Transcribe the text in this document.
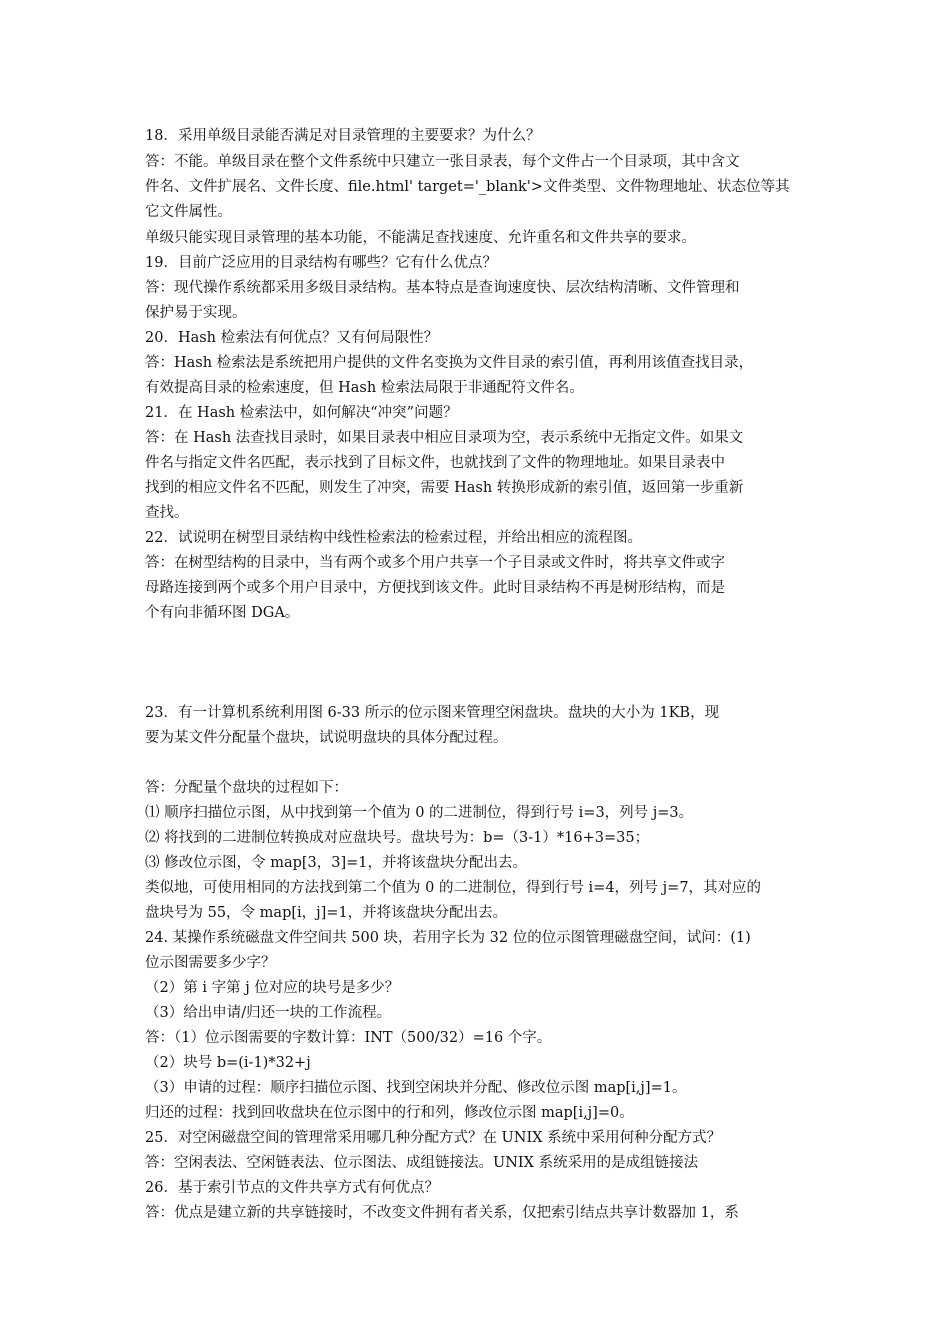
18．采用单级目录能否满足对目录管理的主要要求？为什么？
答：不能。单级目录在整个文件系统中只建立一张目录表，每个文件占一个目录项，其中含文
件名、文件扩展名、文件长度、file.html' target='_blank'>文件类型、文件物理地址、状态位等其
它文件属性。
单级只能实现目录管理的基本功能，不能满足查找速度、允许重名和文件共享的要求。
19．目前广泛应用的目录结构有哪些？它有什么优点？
答：现代操作系统都采用多级目录结构。基本特点是查询速度快、层次结构清晰、文件管理和
保护易于实现。
20．Hash 检索法有何优点？又有何局限性？
答：Hash 检索法是系统把用户提供的文件名变换为文件目录的索引值，再利用该值查找目录，
有效提高目录的检索速度，但 Hash 检索法局限于非通配符文件名。
21．在 Hash 检索法中，如何解决“冲突”问题？
答：在 Hash 法查找目录时，如果目录表中相应目录项为空，表示系统中无指定文件。如果文
件名与指定文件名匹配，表示找到了目标文件，也就找到了文件的物理地址。如果目录表中
找到的相应文件名不匹配，则发生了冲突，需要 Hash 转换形成新的索引值，返回第一步重新
查找。
22．试说明在树型目录结构中线性检索法的检索过程，并给出相应的流程图。
答：在树型结构的目录中，当有两个或多个用户共享一个子目录或文件时，将共享文件或字
母路连接到两个或多个用户目录中，方便找到该文件。此时目录结构不再是树形结构，而是
个有向非循环图 DGA。
23．有一计算机系统利用图 6-33 所示的位示图来管理空闲盘块。盘块的大小为 1KB，现
要为某文件分配量个盘块，试说明盘块的具体分配过程。
答：分配量个盘块的过程如下：
⑴ 顺序扫描位示图，从中找到第一个值为 0 的二进制位，得到行号 i=3，列号 j=3。
⑵ 将找到的二进制位转换成对应盘块号。盘块号为：b=（3-1）*16+3=35；
⑶ 修改位示图，令 map[3，3]=1，并将该盘块分配出去。
类似地，可使用相同的方法找到第二个值为 0 的二进制位，得到行号 i=4，列号 j=7，其对应的
盘块号为 55，令 map[i，j]=1，并将该盘块分配出去。
24. 某操作系统磁盘文件空间共 500 块，若用字长为 32 位的位示图管理磁盘空间，试问：(1)
位示图需要多少字？
（2）第 i 字第 j 位对应的块号是多少？
（3）给出申请/归还一块的工作流程。
答：（1）位示图需要的字数计算：INT（500/32）=16 个字。
（2）块号 b=(i-1)*32+j
（3）申请的过程：顺序扫描位示图、找到空闲块并分配、修改位示图 map[i,j]=1。
归还的过程：找到回收盘块在位示图中的行和列，修改位示图 map[i,j]=0。
25．对空闲磁盘空间的管理常采用哪几种分配方式？在 UNIX 系统中采用何种分配方式？
答：空闲表法、空闲链表法、位示图法、成组链接法。UNIX 系统采用的是成组链接法
26．基于索引节点的文件共享方式有何优点？
答：优点是建立新的共享链接时，不改变文件拥有者关系，仅把索引结点共享计数器加 1，系
